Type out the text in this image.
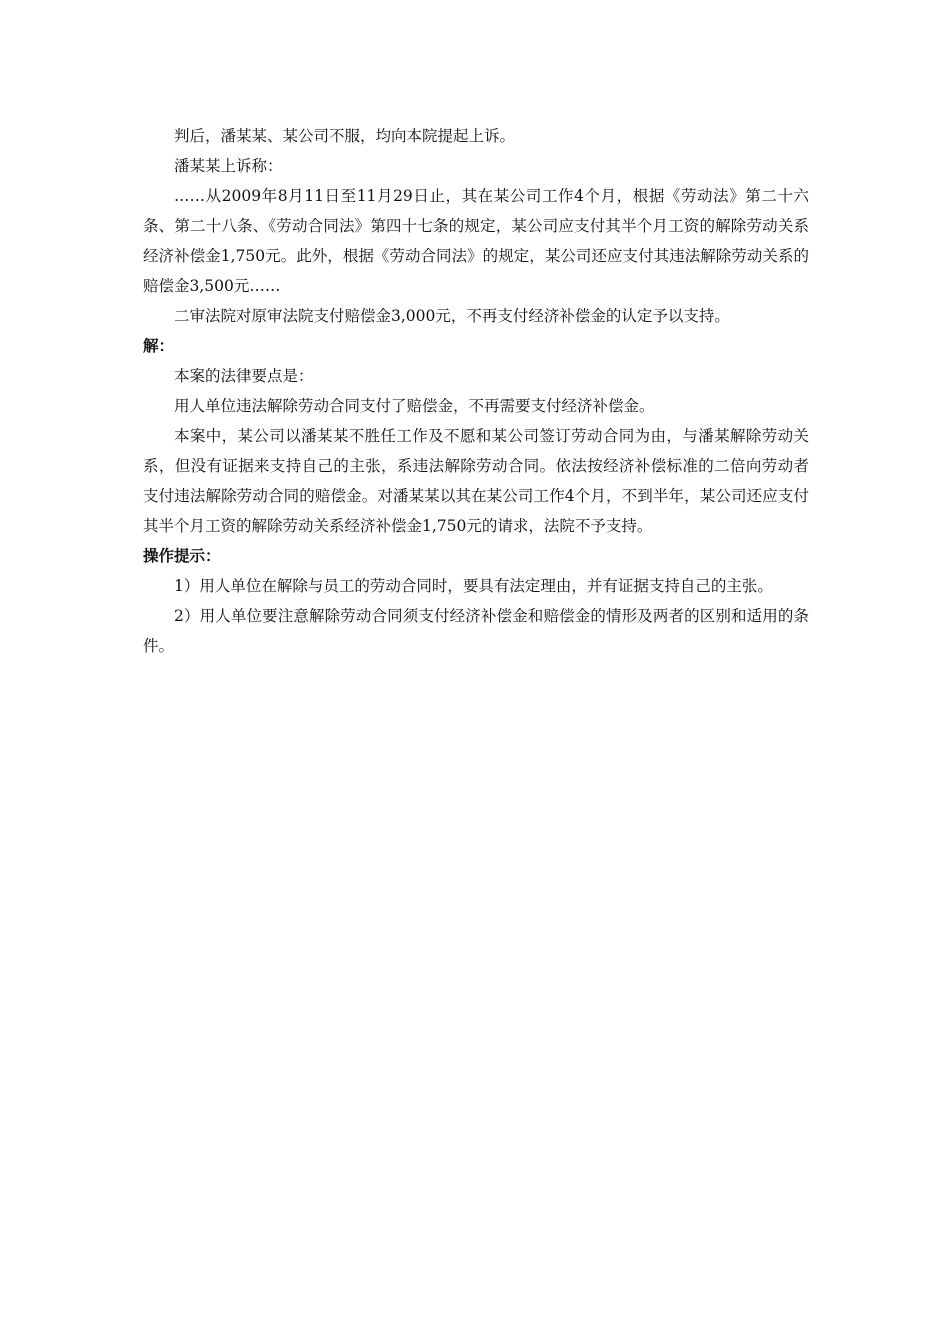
判后，潘某某、某公司不服，均向本院提起上诉。

潘某某上诉称：

……从2009年8月11日至11月29日止，其在某公司工作4个月，根据《劳动法》第二十六条、第二十八条、《劳动合同法》第四十七条的规定，某公司应支付其半个月工资的解除劳动关系经济补偿金1,750元。此外，根据《劳动合同法》的规定，某公司还应支付其违法解除劳动关系的赔偿金3,500元……

二审法院对原审法院支付赔偿金3,000元，不再支付经济补偿金的认定予以支持。

解：

本案的法律要点是：

用人单位违法解除劳动合同支付了赔偿金，不再需要支付经济补偿金。

本案中，某公司以潘某某不胜任工作及不愿和某公司签订劳动合同为由，与潘某解除劳动关系，但没有证据来支持自己的主张，系违法解除劳动合同。依法按经济补偿标准的二倍向劳动者支付违法解除劳动合同的赔偿金。对潘某某以其在某公司工作4个月，不到半年，某公司还应支付其半个月工资的解除劳动关系经济补偿金1,750元的请求，法院不予支持。

操作提示：

1）用人单位在解除与员工的劳动合同时，要具有法定理由，并有证据支持自己的主张。

2）用人单位要注意解除劳动合同须支付经济补偿金和赔偿金的情形及两者的区别和适用的条件。
